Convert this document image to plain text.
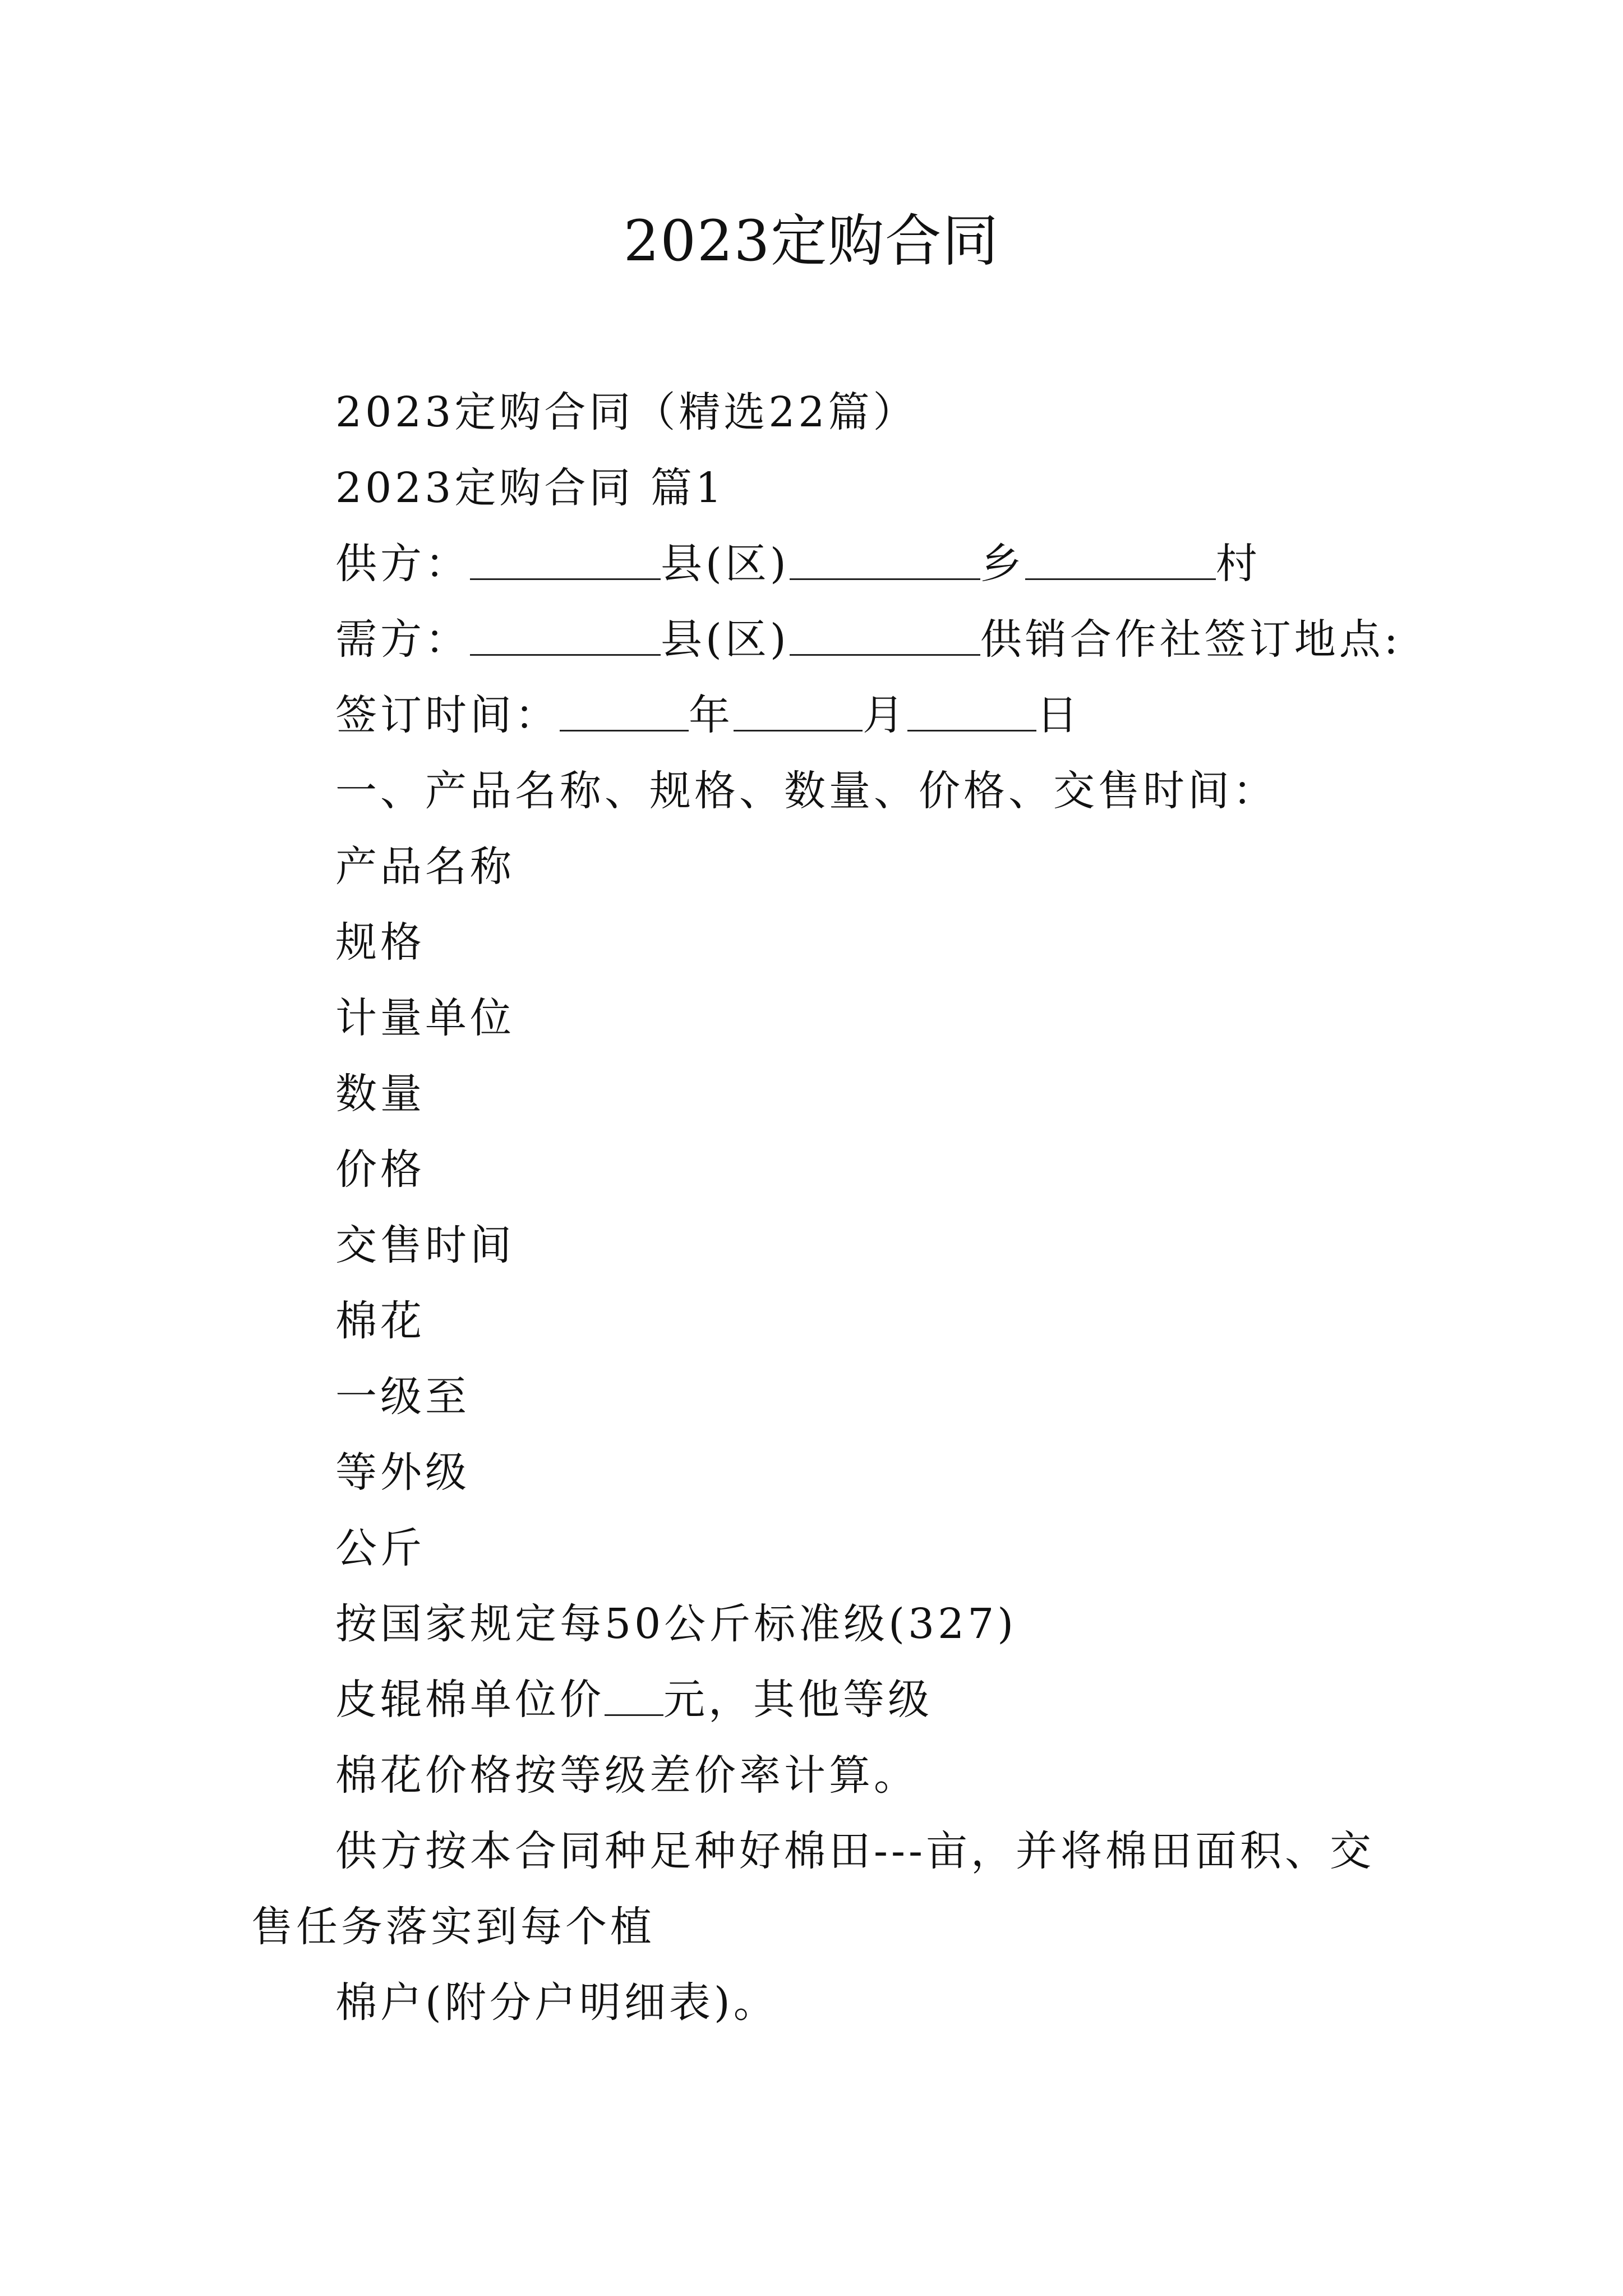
2023定购合同
2023定购合同（精选22篇）
2023定购合同 篇1
供方：	县(区)	乡	村
需方：	县(区)	供销合作社签订地点:
签订时间：	年	月	日
一、产品名称、规格、数量、价格、交售时间：
产品名称
规格
计量单位
数量
价格
交售时间
棉花
一级至
等外级
公斤
按国家规定每50公斤标准级(327)
皮辊棉单位价 元，其他等级
棉花价格按等级差价率计算。
供方按本合同种足种好棉田---亩，并将棉田面积、交
售任务落实到每个植
棉户(附分户明细表)。
